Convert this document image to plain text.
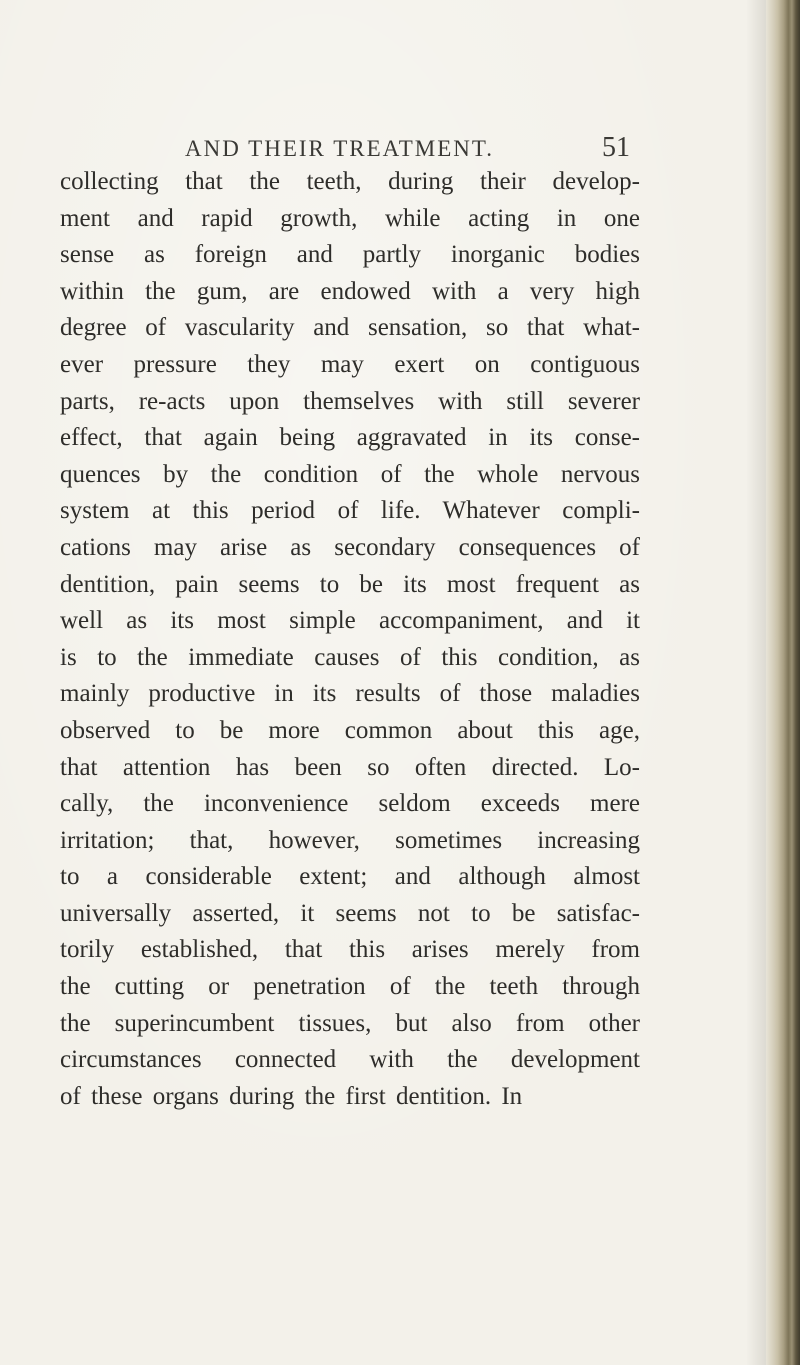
AND THEIR TREATMENT.	51
collecting that the teeth, during their develop-
ment and rapid growth, while acting in one
sense as foreign and partly inorganic bodies
within the gum, are endowed with a very high
degree of vascularity and sensation, so that what-
ever pressure they may exert on contiguous
parts, re-acts upon themselves with still severer
effect, that again being aggravated in its conse-
quences by the condition of the whole nervous
system at this period of life. Whatever compli-
cations may arise as secondary consequences of
dentition, pain seems to be its most frequent as
well as its most simple accompaniment, and it
is to the immediate causes of this condition, as
mainly productive in its results of those maladies
observed to be more common about this age,
that attention has been so often directed. Lo-
cally, the inconvenience seldom exceeds mere
irritation; that, however, sometimes increasing
to a considerable extent; and although almost
universally asserted, it seems not to be satisfac-
torily established, that this arises merely from
the cutting or penetration of the teeth through
the superincumbent tissues, but also from other
circumstances connected with the development
of these organs during the first dentition. In
